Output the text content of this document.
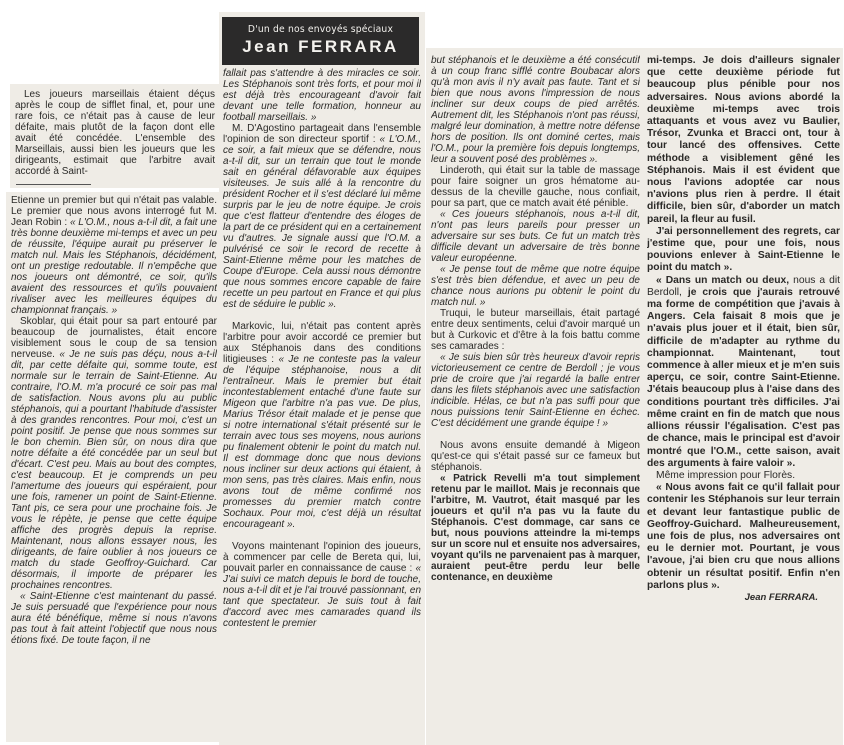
D'un de nos envoyés spéciaux
Jean FERRARA

Les joueurs marseillais étaient déçus après le coup de sifflet final, et, pour une rare fois, ce n'était pas à cause de leur défaite, mais plutôt de la façon dont elle avait été concédée. L'ensemble des Marseillais, aussi bien les joueurs que les dirigeants, estimait que l'arbitre avait accordé à Saint-

Etienne un premier but qui n'était pas valable. Le premier que nous avons interrogé fut M. Jean Robin : « L'O.M., nous a-t-il dit, a fait une très bonne deuxième mi-temps et avec un peu de réussite, l'équipe aurait pu préserver le match nul. Mais les Stéphanois, décidément, ont un prestige redoutable. Il n'empêche que nos joueurs ont démontré, ce soir, qu'ils avaient des ressources et qu'ils pouvaient rivaliser avec les meilleures équipes du championnat français. »

Skoblar, qui était pour sa part entouré par beaucoup de journalistes, était encore visiblement sous le coup de sa tension nerveuse. « Je ne suis pas déçu, nous a-t-il dit, par cette défaite qui, somme toute, est normale sur le terrain de Saint-Etienne. Au contraire, l'O.M. m'a procuré ce soir pas mal de satisfaction. Nous avons plu au public stéphanois, qui a pourtant l'habitude d'assister à des grandes rencontres. Pour moi, c'est un point positif. Je pense que nous sommes sur le bon chemin. Bien sûr, on nous dira que notre défaite a été concédée par un seul but d'écart. C'est peu. Mais au bout des comptes, c'est beaucoup. Et je comprends un peu l'amertume des joueurs qui espéraient, pour une fois, ramener un point de Saint-Etienne. Tant pis, ce sera pour une prochaine fois. Je vous le répète, je pense que cette équipe affiche des progrès depuis la reprise. Maintenant, nous allons essayer nous, les dirigeants, de faire oublier à nos joueurs ce match du stade Geoffroy-Guichard. Car désormais, il importe de préparer les prochaines rencontres.

« Saint-Etienne c'est maintenant du passé. Je suis persuadé que l'expérience pour nous aura été bénéfique, même si nous n'avons pas tout à fait atteint l'objectif que nous nous étions fixé. De toute façon, il ne

fallait pas s'attendre à des miracles ce soir. Les Stéphanois sont très forts, et pour moi il est déjà très encourageant d'avoir fait devant une telle formation, honneur au football marseillais. »

M. D'Agostino partageait dans l'ensemble l'opinion de son directeur sportif : « L'O.M., ce soir, a fait mieux que se défendre, nous a-t-il dit, sur un terrain que tout le monde sait en général défavorable aux équipes visiteuses. Je suis allé à la rencontre du président Rocher et il s'est déclaré lui même surpris par le jeu de notre équipe. Je crois que c'est flatteur d'entendre des éloges de la part de ce président qui en a certainement vu d'autres. Je signale aussi que l'O.M. a pulvérisé ce soir le record de recette à Saint-Etienne même pour les matches de Coupe d'Europe. Cela aussi nous démontre que nous sommes encore capable de faire recette un peu partout en France et qui plus est de séduire le public ».

Markovic, lui, n'était pas content après l'arbitre pour avoir accordé ce premier but aux Stéphanois dans des conditions litigieuses : « Je ne conteste pas la valeur de l'équipe stéphanoise, nous a dit l'entraîneur. Mais le premier but était incontestablement entaché d'une faute sur Migeon que l'arbitre n'a pas vue. De plus, Marius Trésor était malade et je pense que si notre international s'était présenté sur le terrain avec tous ses moyens, nous aurions pu finalement obtenir le point du match nul. Il est dommage donc que nous devions nous incliner sur deux actions qui étaient, à mon sens, pas très claires. Mais enfin, nous avons tout de même confirmé nos promesses du premier match contre Sochaux. Pour moi, c'est déjà un résultat encourageant ».

Voyons maintenant l'opinion des joueurs, à commencer par celle de Bereta qui, lui, pouvait parler en connaissance de cause : « J'ai suivi ce match depuis le bord de touche, nous a-t-il dit et je l'ai trouvé passionnant, en tant que spectateur. Je suis tout à fait d'accord avec mes camarades quand ils contestent le premier

but stéphanois et le deuxième a été consécutif à un coup franc sifflé contre Boubacar alors qu'à mon avis il n'y avait pas faute. Tant et si bien que nous avons l'impression de nous incliner sur deux coups de pied arrêtés. Autrement dit, les Stéphanois n'ont pas réussi, malgré leur domination, à mettre notre défense hors de position. Ils ont dominé certes, mais l'O.M., pour la première fois depuis longtemps, leur a souvent posé des problèmes ».

Linderoth, qui était sur la table de massage pour faire soigner un gros hématome au-dessus de la cheville gauche, nous confiait, pour sa part, que ce match avait été pénible.

« Ces joueurs stéphanois, nous a-t-il dit, n'ont pas leurs pareils pour presser un adversaire sur ses buts. Ce fut un match très difficile devant un adversaire de très bonne valeur européenne.

« Je pense tout de même que notre équipe s'est très bien défendue, et avec un peu de chance nous aurions pu obtenir le point du match nul. »

Truqui, le buteur marseillais, était partagé entre deux sentiments, celui d'avoir marqué un but à Curkovic et d'être à la fois battu comme ses camarades :

« Je suis bien sûr très heureux d'avoir repris victorieusement ce centre de Berdoll ; je vous prie de croire que j'ai regardé la balle entrer dans les filets stéphanois avec une satisfaction indicible. Hélas, ce but n'a pas suffi pour que nous puissions tenir Saint-Etienne en échec. C'est décidément une grande équipe ! »

Nous avons ensuite demandé à Migeon qu'est-ce qui s'était passé sur ce fameux but stéphanois.

« Patrick Revelli m'a tout simplement retenu par le maillot. Mais je reconnais que l'arbitre, M. Vautrot, était masqué par les joueurs et qu'il n'a pas vu la faute du Stéphanois. C'est dommage, car sans ce but, nous pouvions atteindre la mi-temps sur un score nul et ensuite nos adversaires, voyant qu'ils ne parvenaient pas à marquer, auraient peut-être perdu leur belle contenance, en deuxième

mi-temps. Je dois d'ailleurs signaler que cette deuxième période fut beaucoup plus pénible pour nos adversaires. Nous avions abordé la deuxième mi-temps avec trois attaquants et vous avez vu Baulier, Trésor, Zvunka et Bracci ont, tour à tour lancé des offensives. Cette méthode a visiblement gêné les Stéphanois. Mais il est évident que nous l'avions adoptée car nous n'avions plus rien à perdre. Il était difficile, bien sûr, d'aborder un match pareil, la fleur au fusil.

J'ai personnellement des regrets, car j'estime que, pour une fois, nous pouvions enlever à Saint-Etienne le point du match ».

« Dans un match ou deux, nous a dit Berdoll, je crois que j'aurais retrouvé ma forme de compétition que j'avais à Angers. Cela faisait 8 mois que je n'avais plus jouer et il était, bien sûr, difficile de m'adapter au rythme du championnat. Maintenant, tout commence à aller mieux et je m'en suis aperçu, ce soir, contre Saint-Etienne. J'étais beaucoup plus à l'aise dans des conditions pourtant très difficiles. J'ai même craint en fin de match que nous allions réussir l'égalisation. C'est pas de chance, mais le principal est d'avoir montré que l'O.M., cette saison, avait des arguments à faire valoir ».

Même impression pour Florès.

« Nous avons fait ce qu'il fallait pour contenir les Stéphanois sur leur terrain et devant leur fantastique public de Geoffroy-Guichard. Malheureusement, une fois de plus, nos adversaires ont eu le dernier mot. Pourtant, je vous l'avoue, j'ai bien cru que nous allions obtenir un résultat positif. Enfin n'en parlons plus ».

Jean FERRARA.
